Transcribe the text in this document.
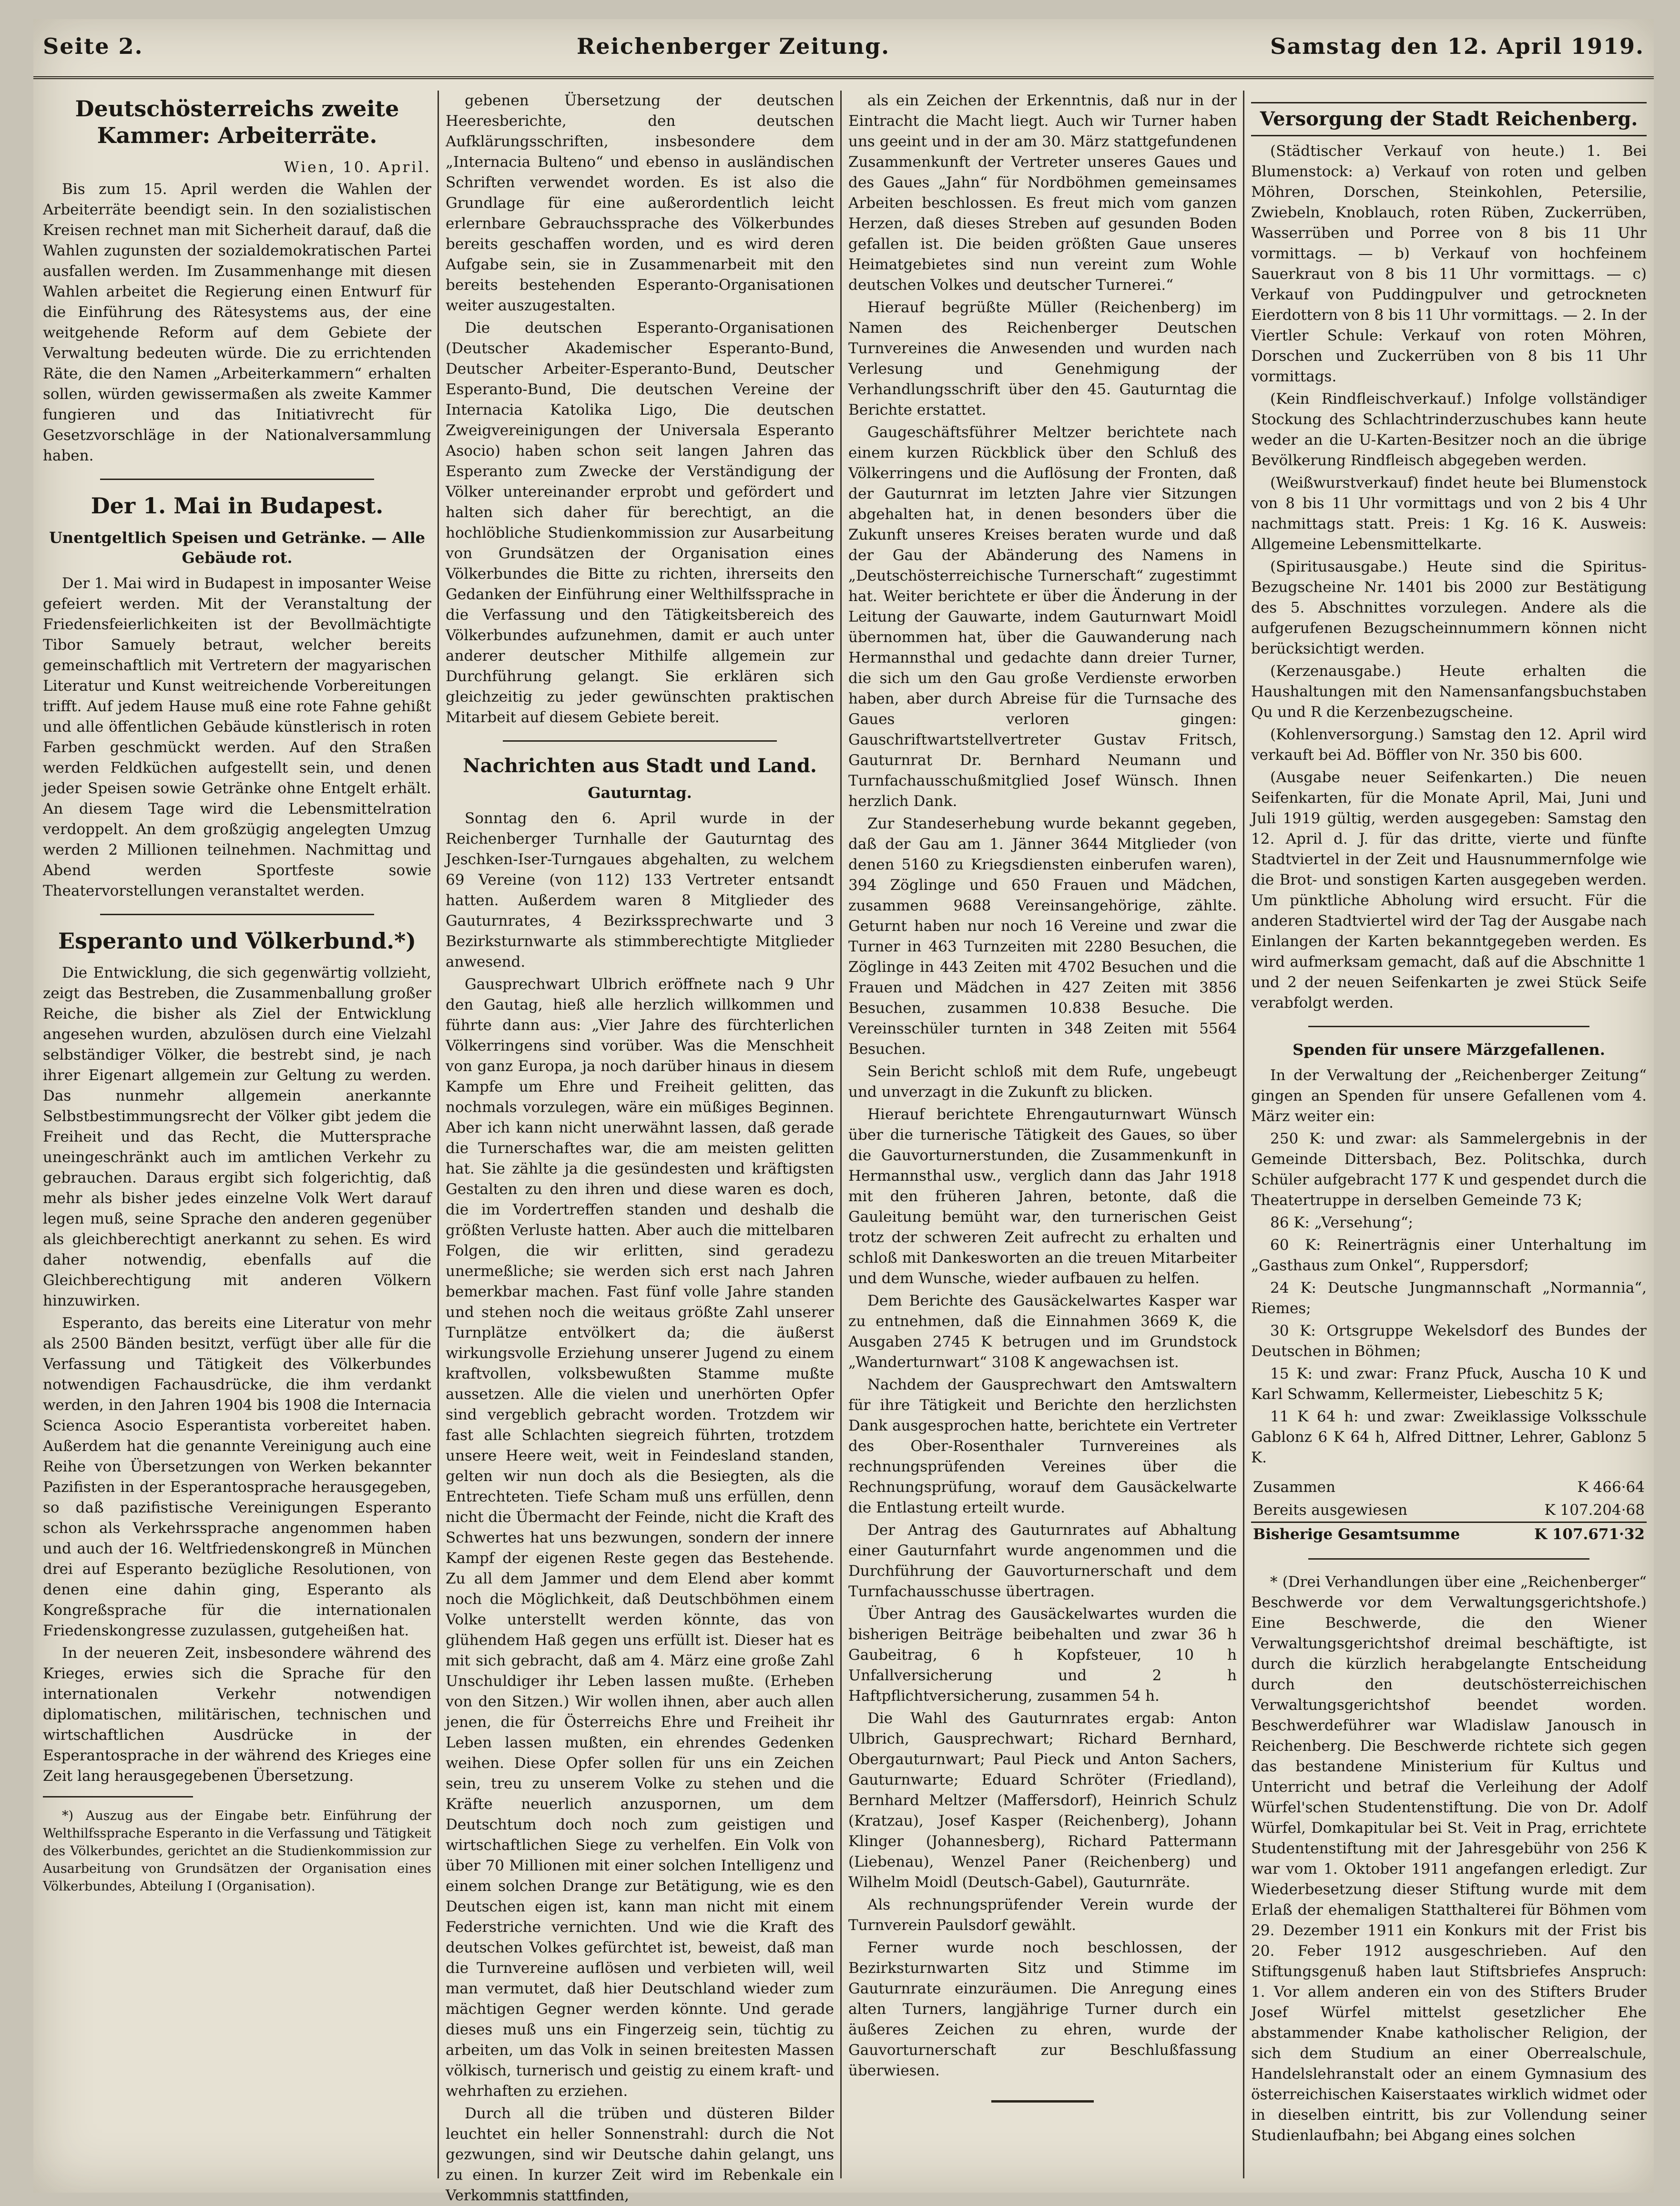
Seite 2.	Reichenberger Zeitung.	Samstag den 12. April 1919.
Deutschösterreichs zweite Kammer: Arbeiterräte.
Wien, 10. April.

Bis zum 15. April werden die Wahlen der Arbeiterräte beendigt sein. In den sozialistischen Kreisen rechnet man mit Sicherheit darauf, daß die Wahlen zugunsten der sozialdemokratischen Partei ausfallen werden. Im Zusammenhange mit diesen Wahlen arbeitet die Regierung einen Entwurf für die Einführung des Rätesystems aus, der eine weitgehende Reform auf dem Gebiete der Verwaltung bedeuten würde. Die zu errichtenden Räte, die den Namen „Arbeiterkammern“ erhalten sollen, würden gewissermaßen als zweite Kammer fungieren und das Initiativrecht für Gesetzvorschläge in der Nationalversammlung haben.

Der 1. Mai in Budapest.
Unentgeltlich Speisen und Getränke. — Alle Gebäude rot.

Der 1. Mai wird in Budapest in imposanter Weise gefeiert werden. Mit der Veranstaltung der Friedensfeierlichkeiten ist der Bevollmächtigte Tibor Samuely betraut, welcher bereits gemeinschaftlich mit Vertretern der magyarischen Literatur und Kunst weitreichende Vorbereitungen trifft. Auf jedem Hause muß eine rote Fahne gehißt und alle öffentlichen Gebäude künstlerisch in roten Farben geschmückt werden. Auf den Straßen werden Feldküchen aufgestellt sein, und denen jeder Speisen sowie Getränke ohne Entgelt erhält. An diesem Tage wird die Lebensmittelration verdoppelt. An dem großzügig angelegten Umzug werden 2 Millionen teilnehmen. Nachmittag und Abend werden Sportfeste sowie Theatervorstellungen veranstaltet werden.

Esperanto und Völkerbund.*)

Die Entwicklung, die sich gegenwärtig vollzieht, zeigt das Bestreben, die Zusammenballung großer Reiche, die bisher als Ziel der Entwicklung angesehen wurden, abzulösen durch eine Vielzahl selbständiger Völker, die bestrebt sind, je nach ihrer Eigenart allgemein zur Geltung zu werden. Das nunmehr allgemein anerkannte Selbstbestimmungsrecht der Völker gibt jedem die Freiheit und das Recht, die Muttersprache uneingeschränkt auch im amtlichen Verkehr zu gebrauchen. Daraus ergibt sich folgerichtig, daß mehr als bisher jedes einzelne Volk Wert darauf legen muß, seine Sprache den anderen gegenüber als gleichberechtigt anerkannt zu sehen. Es wird daher notwendig, ebenfalls auf die Gleichberechtigung mit anderen Völkern hinzuwirken.

Esperanto, das bereits eine Literatur von mehr als 2500 Bänden besitzt, verfügt über alle für die Verfassung und Tätigkeit des Völkerbundes notwendigen Fachausdrücke, die ihm verdankt werden, in den Jahren 1904 bis 1908 die Internacia Scienca Asocio Esperantista vorbereitet haben. Außerdem hat die genannte Vereinigung auch eine Reihe von Übersetzungen von Werken bekannter Pazifisten in der Esperantosprache herausgegeben, so daß pazifistische Vereinigungen Esperanto schon als Verkehrssprache angenommen haben und auch der 16. Weltfriedenskongreß in München drei auf Esperanto bezügliche Resolutionen, von denen eine dahin ging, Esperanto als Kongreßsprache für die internationalen Friedenskongresse zuzulassen, gutgeheißen hat.

In der neueren Zeit, insbesondere während des Krieges, erwies sich die Sprache für den internationalen Verkehr notwendigen diplomatischen, militärischen, technischen und wirtschaftlichen Ausdrücke in der Esperantosprache in der während des Krieges eine Zeit lang herausgegebenen Übersetzung.

*) Auszug aus der Eingabe betr. Einführung der Welthilfssprache Esperanto in die Verfassung und Tätigkeit des Völkerbundes, gerichtet an die Studienkommission zur Ausarbeitung von Grundsätzen der Organisation eines Völkerbundes, Abteilung I (Organisation).

gebenen Übersetzung der deutschen Heeresberichte, den deutschen Aufklärungsschriften, insbesondere dem „Internacia Bulteno“ und ebenso in ausländischen Schriften verwendet worden. Es ist also die Grundlage für eine außerordentlich leicht erlernbare Gebrauchssprache des Völkerbundes bereits geschaffen worden, und es wird deren Aufgabe sein, sie in Zusammenarbeit mit den bereits bestehenden Esperanto-Organisationen weiter auszugestalten.

Die deutschen Esperanto-Organisationen (Deutscher Akademischer Esperanto-Bund, Deutscher Arbeiter-Esperanto-Bund, Deutscher Esperanto-Bund, Die deutschen Vereine der Internacia Katolika Ligo, Die deutschen Zweigvereinigungen der Universala Esperanto Asocio) haben schon seit langen Jahren das Esperanto zum Zwecke der Verständigung der Völker untereinander erprobt und gefördert und halten sich daher für berechtigt, an die hochlöbliche Studienkommission zur Ausarbeitung von Grundsätzen der Organisation eines Völkerbundes die Bitte zu richten, ihrerseits den Gedanken der Einführung einer Welthilfssprache in die Verfassung und den Tätigkeitsbereich des Völkerbundes aufzunehmen, damit er auch unter anderer deutscher Mithilfe allgemein zur Durchführung gelangt. Sie erklären sich gleichzeitig zu jeder gewünschten praktischen Mitarbeit auf diesem Gebiete bereit.

Nachrichten aus Stadt und Land.
Gauturntag.

Sonntag den 6. April wurde in der Reichenberger Turnhalle der Gauturntag des Jeschken-Iser-Turngaues abgehalten, zu welchem 69 Vereine (von 112) 133 Vertreter entsandt hatten. Außerdem waren 8 Mitglieder des Gauturnrates, 4 Bezirkssprechwarte und 3 Bezirksturnwarte als stimmberechtigte Mitglieder anwesend.

Gausprechwart Ulbrich eröffnete nach 9 Uhr den Gautag, hieß alle herzlich willkommen und führte dann aus: „Vier Jahre des fürchterlichen Völkerringens sind vorüber. Was die Menschheit von ganz Europa, ja noch darüber hinaus in diesem Kampfe um Ehre und Freiheit gelitten, das nochmals vorzulegen, wäre ein müßiges Beginnen. Aber ich kann nicht unerwähnt lassen, daß gerade die Turnerschaftes war, die am meisten gelitten hat. Sie zählte ja die gesündesten und kräftigsten Gestalten zu den ihren und diese waren es doch, die im Vordertreffen standen und deshalb die größten Verluste hatten. Aber auch die mittelbaren Folgen, die wir erlitten, sind geradezu unermeßliche; sie werden sich erst nach Jahren bemerkbar machen. Fast fünf volle Jahre standen und stehen noch die weitaus größte Zahl unserer Turnplätze entvölkert da; die äußerst wirkungsvolle Erziehung unserer Jugend zu einem kraftvollen, volksbewußten Stamme mußte aussetzen. Alle die vielen und unerhörten Opfer sind vergeblich gebracht worden. Trotzdem wir fast alle Schlachten siegreich führten, trotzdem unsere Heere weit, weit in Feindesland standen, gelten wir nun doch als die Besiegten, als die Entrechteten. Tiefe Scham muß uns erfüllen, denn nicht die Übermacht der Feinde, nicht die Kraft des Schwertes hat uns bezwungen, sondern der innere Kampf der eigenen Reste gegen das Bestehende. Zu all dem Jammer und dem Elend aber kommt noch die Möglichkeit, daß Deutschböhmen einem Volke unterstellt werden könnte, das von glühendem Haß gegen uns erfüllt ist. Dieser hat es mit sich gebracht, daß am 4. März eine große Zahl Unschuldiger ihr Leben lassen mußte. (Erheben von den Sitzen.) Wir wollen ihnen, aber auch allen jenen, die für Österreichs Ehre und Freiheit ihr Leben lassen mußten, ein ehrendes Gedenken weihen. Diese Opfer sollen für uns ein Zeichen sein, treu zu unserem Volke zu stehen und die Kräfte neuerlich anzuspornen, um dem Deutschtum doch noch zum geistigen und wirtschaftlichen Siege zu verhelfen. Ein Volk von über 70 Millionen mit einer solchen Intelligenz und einem solchen Drange zur Betätigung, wie es den Deutschen eigen ist, kann man nicht mit einem Federstriche vernichten. Und wie die Kraft des deutschen Volkes gefürchtet ist, beweist, daß man die Turnvereine auflösen und verbieten will, weil man vermutet, daß hier Deutschland wieder zum mächtigen Gegner werden könnte. Und gerade dieses muß uns ein Fingerzeig sein, tüchtig zu arbeiten, um das Volk in seinen breitesten Massen völkisch, turnerisch und geistig zu einem kraft- und wehrhaften zu erziehen.

Durch all die trüben und düsteren Bilder leuchtet ein heller Sonnenstrahl: durch die Not gezwungen, sind wir Deutsche dahin gelangt, uns zu einen. In kurzer Zeit wird im Rebenkale ein Verkommnis stattfinden,

als ein Zeichen der Erkenntnis, daß nur in der Eintracht die Macht liegt. Auch wir Turner haben uns geeint und in der am 30. März stattgefundenen Zusammenkunft der Vertreter unseres Gaues und des Gaues „Jahn“ für Nordböhmen gemeinsames Arbeiten beschlossen. Es freut mich vom ganzen Herzen, daß dieses Streben auf gesunden Boden gefallen ist. Die beiden größten Gaue unseres Heimatgebietes sind nun vereint zum Wohle deutschen Volkes und deutscher Turnerei.“

Hierauf begrüßte Müller (Reichenberg) im Namen des Reichenberger Deutschen Turnvereines die Anwesenden und wurden nach Verlesung und Genehmigung der Verhandlungsschrift über den 45. Gauturntag die Berichte erstattet.

Gaugeschäftsführer Meltzer berichtete nach einem kurzen Rückblick über den Schluß des Völkerringens und die Auflösung der Fronten, daß der Gauturnrat im letzten Jahre vier Sitzungen abgehalten hat, in denen besonders über die Zukunft unseres Kreises beraten wurde und daß der Gau der Abänderung des Namens in „Deutschösterreichische Turnerschaft“ zugestimmt hat. Weiter berichtete er über die Änderung in der Leitung der Gauwarte, indem Gauturnwart Moidl übernommen hat, über die Gauwanderung nach Hermannsthal und gedachte dann dreier Turner, die sich um den Gau große Verdienste erworben haben, aber durch Abreise für die Turnsache des Gaues verloren gingen: Gauschriftwartstellvertreter Gustav Fritsch, Gauturnrat Dr. Bernhard Neumann und Turnfachausschußmitglied Josef Wünsch. Ihnen herzlich Dank.

Zur Standeserhebung wurde bekannt gegeben, daß der Gau am 1. Jänner 3644 Mitglieder (von denen 5160 zu Kriegsdiensten einberufen waren), 394 Zöglinge und 650 Frauen und Mädchen, zusammen 9688 Vereinsangehörige, zählte. Geturnt haben nur noch 16 Vereine und zwar die Turner in 463 Turnzeiten mit 2280 Besuchen, die Zöglinge in 443 Zeiten mit 4702 Besuchen und die Frauen und Mädchen in 427 Zeiten mit 3856 Besuchen, zusammen 10.838 Besuche. Die Vereinsschüler turnten in 348 Zeiten mit 5564 Besuchen.

Sein Bericht schloß mit dem Rufe, ungebeugt und unverzagt in die Zukunft zu blicken.

Hierauf berichtete Ehrengauturnwart Wünsch über die turnerische Tätigkeit des Gaues, so über die Gauvorturnerstunden, die Zusammenkunft in Hermannsthal usw., verglich dann das Jahr 1918 mit den früheren Jahren, betonte, daß die Gauleitung bemüht war, den turnerischen Geist trotz der schweren Zeit aufrecht zu erhalten und schloß mit Dankesworten an die treuen Mitarbeiter und dem Wunsche, wieder aufbauen zu helfen.

Dem Berichte des Gausäckelwartes Kasper war zu entnehmen, daß die Einnahmen 3669 K, die Ausgaben 2745 K betrugen und im Grundstock „Wanderturnwart“ 3108 K angewachsen ist.

Nachdem der Gausprechwart den Amtswaltern für ihre Tätigkeit und Berichte den herzlichsten Dank ausgesprochen hatte, berichtete ein Vertreter des Ober-Rosenthaler Turnvereines als rechnungsprüfenden Vereines über die Rechnungsprüfung, worauf dem Gausäckelwarte die Entlastung erteilt wurde.

Der Antrag des Gauturnrates auf Abhaltung einer Gauturnfahrt wurde angenommen und die Durchführung der Gauvorturnerschaft und dem Turnfachausschusse übertragen.

Über Antrag des Gausäckelwartes wurden die bisherigen Beiträge beibehalten und zwar 36 h Gaubeitrag, 6 h Kopfsteuer, 10 h Unfallversicherung und 2 h Haftpflichtversicherung, zusammen 54 h.

Die Wahl des Gauturnrates ergab: Anton Ulbrich, Gausprechwart; Richard Bernhard, Obergauturnwart; Paul Pieck und Anton Sachers, Gauturnwarte; Eduard Schröter (Friedland), Bernhard Meltzer (Maffersdorf), Heinrich Schulz (Kratzau), Josef Kasper (Reichenberg), Johann Klinger (Johannesberg), Richard Pattermann (Liebenau), Wenzel Paner (Reichenberg) und Wilhelm Moidl (Deutsch-Gabel), Gauturnräte.

Als rechnungsprüfender Verein wurde der Turnverein Paulsdorf gewählt.

Ferner wurde noch beschlossen, der Bezirksturnwarten Sitz und Stimme im Gauturnrate einzuräumen. Die Anregung eines alten Turners, langjährige Turner durch ein äußeres Zeichen zu ehren, wurde der Gauvorturnerschaft zur Beschlußfassung überwiesen.

Versorgung der Stadt Reichenberg.

(Städtischer Verkauf von heute.) 1. Bei Blumenstock: a) Verkauf von roten und gelben Möhren, Dorschen, Steinkohlen, Petersilie, Zwiebeln, Knoblauch, roten Rüben, Zuckerrüben, Wasserrüben und Porree von 8 bis 11 Uhr vormittags. — b) Verkauf von hochfeinem Sauerkraut von 8 bis 11 Uhr vormittags. — c) Verkauf von Puddingpulver und getrockneten Eierdottern von 8 bis 11 Uhr vormittags. — 2. In der Viertler Schule: Verkauf von roten Möhren, Dorschen und Zuckerrüben von 8 bis 11 Uhr vormittags.

(Kein Rindfleischverkauf.) Infolge vollständiger Stockung des Schlachtrinderzuschubes kann heute weder an die U-Karten-Besitzer noch an die übrige Bevölkerung Rindfleisch abgegeben werden.

(Weißwurstverkauf) findet heute bei Blumenstock von 8 bis 11 Uhr vormittags und von 2 bis 4 Uhr nachmittags statt. Preis: 1 Kg. 16 K. Ausweis: Allgemeine Lebensmittelkarte.

(Spiritusausgabe.) Heute sind die Spiritus-Bezugscheine Nr. 1401 bis 2000 zur Bestätigung des 5. Abschnittes vorzulegen. Andere als die aufgerufenen Bezugscheinnummern können nicht berücksichtigt werden.

(Kerzenausgabe.) Heute erhalten die Haushaltungen mit den Namensanfangsbuchstaben Qu und R die Kerzenbezugscheine.

(Kohlenversorgung.) Samstag den 12. April wird verkauft bei Ad. Böffler von Nr. 350 bis 600.

(Ausgabe neuer Seifenkarten.) Die neuen Seifenkarten, für die Monate April, Mai, Juni und Juli 1919 gültig, werden ausgegeben: Samstag den 12. April d. J. für das dritte, vierte und fünfte Stadtviertel in der Zeit und Hausnummernfolge wie die Brot- und sonstigen Karten ausgegeben werden. Um pünktliche Abholung wird ersucht. Für die anderen Stadtviertel wird der Tag der Ausgabe nach Einlangen der Karten bekanntgegeben werden. Es wird aufmerksam gemacht, daß auf die Abschnitte 1 und 2 der neuen Seifenkarten je zwei Stück Seife verabfolgt werden.

Spenden für unsere Märzgefallenen.

In der Verwaltung der „Reichenberger Zeitung“ gingen an Spenden für unsere Gefallenen vom 4. März weiter ein:

250 K: und zwar: als Sammelergebnis in der Gemeinde Dittersbach, Bez. Politschka, durch Schüler aufgebracht 177 K und gespendet durch die Theatertruppe in derselben Gemeinde 73 K;

86 K: „Versehung“;

60 K: Reinerträgnis einer Unterhaltung im „Gasthaus zum Onkel“, Ruppersdorf;

24 K: Deutsche Jungmannschaft „Normannia“, Riemes;

30 K: Ortsgruppe Wekelsdorf des Bundes der Deutschen in Böhmen;

15 K: und zwar: Franz Pfuck, Auscha 10 K und Karl Schwamm, Kellermeister, Liebeschitz 5 K;

11 K 64 h: und zwar: Zweiklassige Volksschule Gablonz 6 K 64 h, Alfred Dittner, Lehrer, Gablonz 5 K.

Zusammen	K 466·64
Bereits ausgewiesen	K 107.204·68
Bisherige Gesamtsumme	K 107.671·32

* (Drei Verhandlungen über eine „Reichenberger“ Beschwerde vor dem Verwaltungsgerichtshofe.) Eine Beschwerde, die den Wiener Verwaltungsgerichtshof dreimal beschäftigte, ist durch die kürzlich herabgelangte Entscheidung durch den deutschösterreichischen Verwaltungsgerichtshof beendet worden. Beschwerdeführer war Wladislaw Janousch in Reichenberg. Die Beschwerde richtete sich gegen das bestandene Ministerium für Kultus und Unterricht und betraf die Verleihung der Adolf Würfel'schen Studentenstiftung. Die von Dr. Adolf Würfel, Domkapitular bei St. Veit in Prag, errichtete Studentenstiftung mit der Jahresgebühr von 256 K war vom 1. Oktober 1911 angefangen erledigt. Zur Wiederbesetzung dieser Stiftung wurde mit dem Erlaß der ehemaligen Statthalterei für Böhmen vom 29. Dezember 1911 ein Konkurs mit der Frist bis 20. Feber 1912 ausgeschrieben. Auf den Stiftungsgenuß haben laut Stiftsbriefes Anspruch: 1. Vor allem anderen ein von des Stifters Bruder Josef Würfel mittelst gesetzlicher Ehe abstammender Knabe katholischer Religion, der sich dem Studium an einer Oberrealschule, Handelslehranstalt oder an einem Gymnasium des österreichischen Kaiserstaates wirklich widmet oder in dieselben eintritt, bis zur Vollendung seiner Studienlaufbahn; bei Abgang eines solchen
